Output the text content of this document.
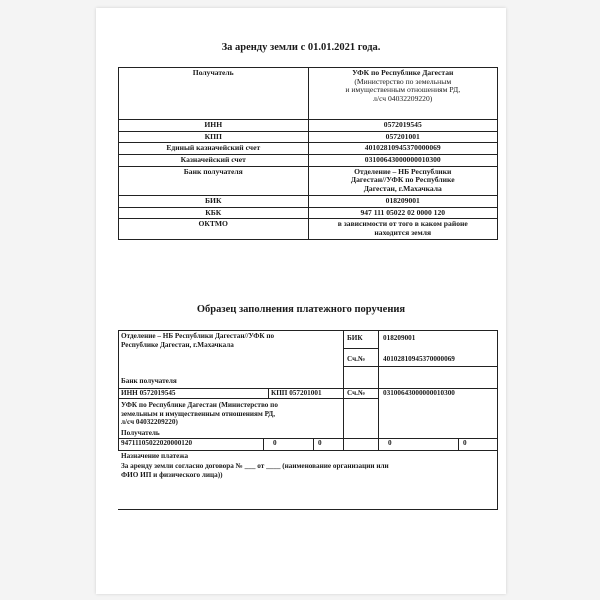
За аренду земли с 01.01.2021 года.
Получатель	УФК по Республике Дагестан
(Министерство по земельным
и имущественным отношениям РД,
л/сч 04032209220)

ИНН	0572019545
КПП	057201001
Единый казначейский счет	40102810945370000069
Казначейский счет	03100643000000010300
Банк получателя	Отделение – НБ Республики
Дагестан//УФК по Республике
Дагестан, г.Махачкала

БИК	018209001
КБК	947 111 05022 02 0000 120
ОКТМО	в зависимости от того в каком районе
находится земля
Образец заполнения платежного поручения
Отделение – НБ Республики Дагестан//УФК по
Республике Дагестан, г.Махачкала
Банк получателя
БИК	018209001
Сч.№ 40102810945370000069
ИНН 0572019545	КПП 057201001	Сч.№ 03100643000000010300
УФК по Республике Дагестан (Министерство по
земельным и имущественным отношениям РД,
л/сч 04032209220)
Получатель
94711105022020000120	0	0	0	0
Назначение платежа
За аренду земли согласно договора № ___ от ____ (наименование организации или
ФИО ИП и физического лица))
